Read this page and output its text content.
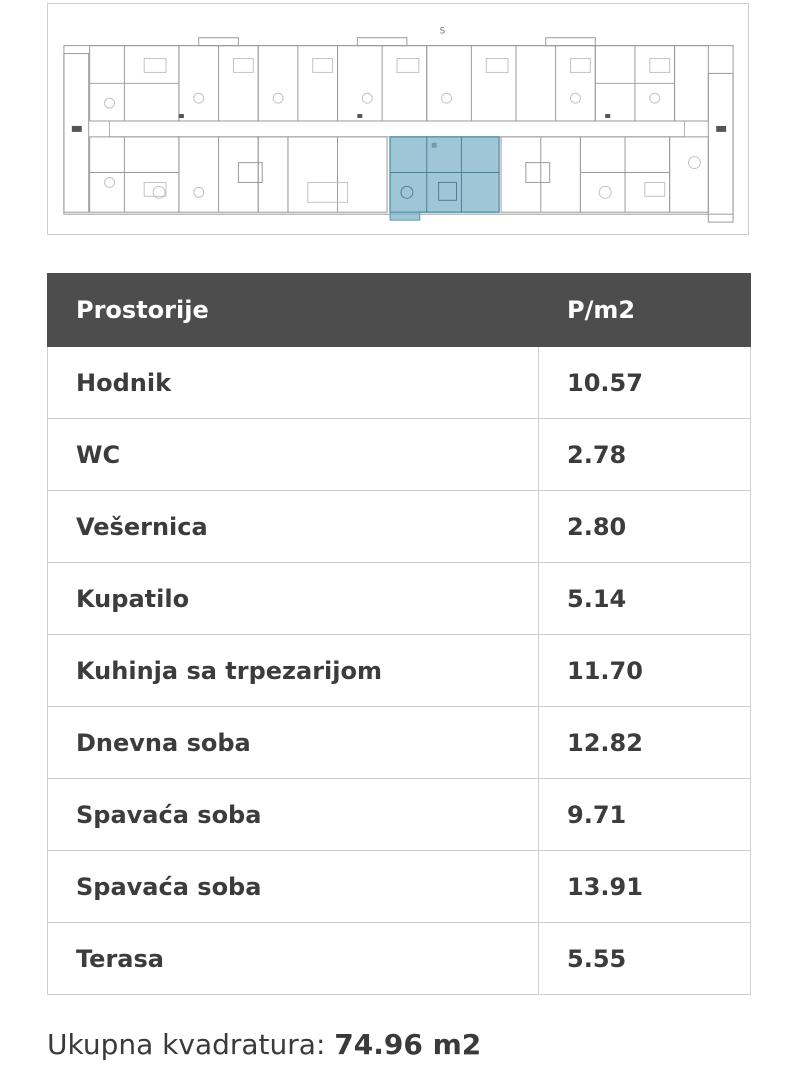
S
Prostorije	P/m2
Hodnik	10.57
WC	2.78
Vešernica	2.80
Kupatilo	5.14
Kuhinja sa trpezarijom	11.70
Dnevna soba	12.82
Spavaća soba	9.71
Spavaća soba	13.91
Terasa	5.55
Ukupna kvadratura: 74.96 m2
